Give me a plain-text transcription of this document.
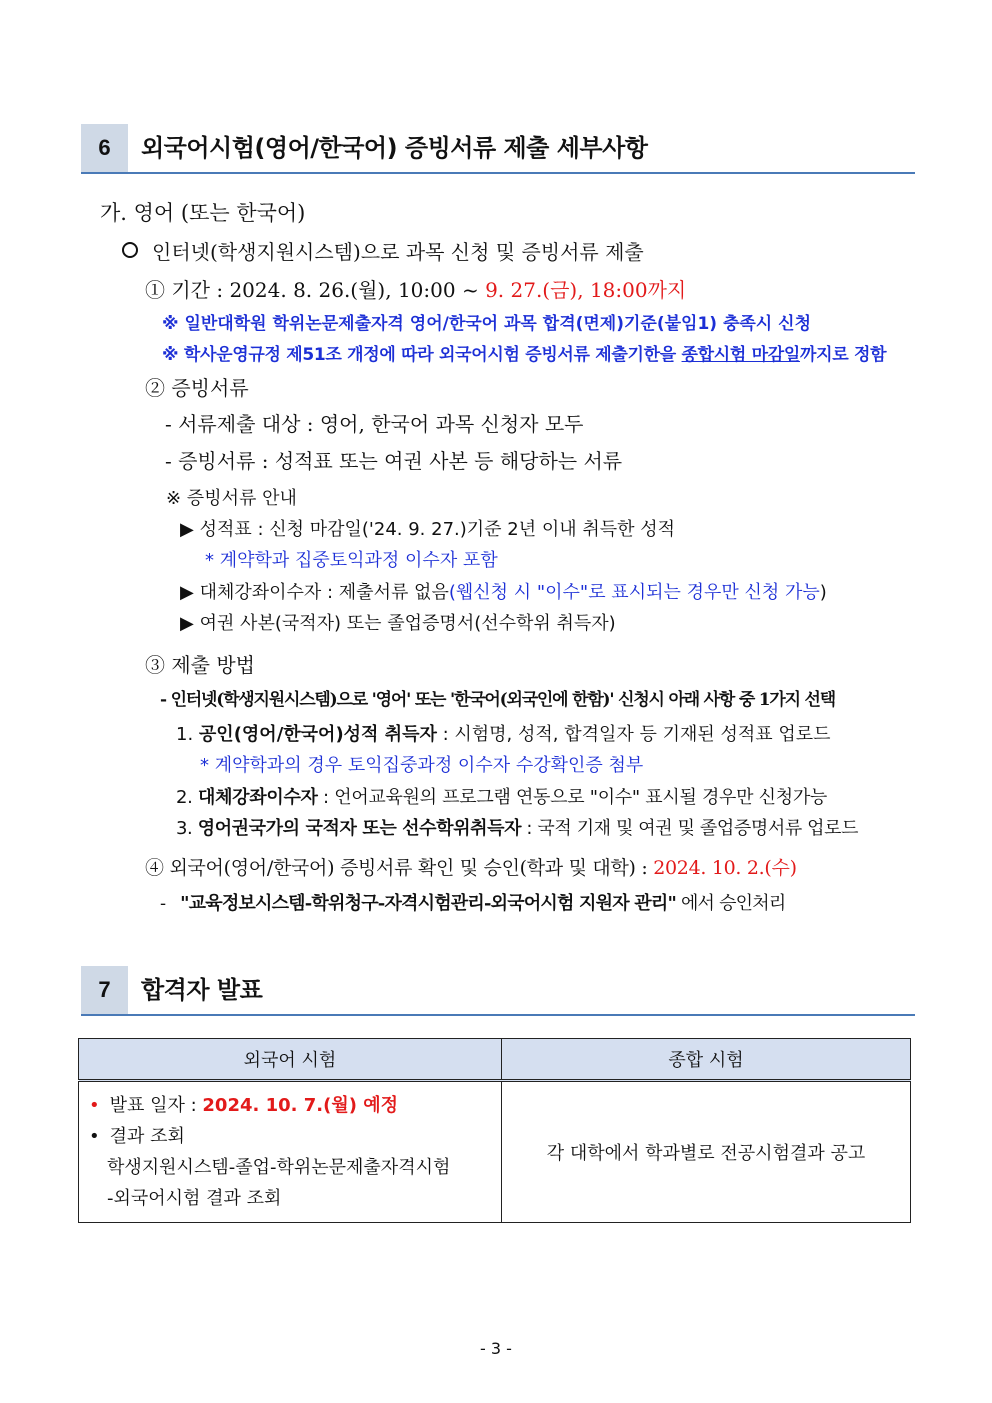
6	외국어시험(영어/한국어) 증빙서류 제출 세부사항
가. 영어 (또는 한국어)
인터넷(학생지원시스템)으로 과목 신청 및 증빙서류 제출
① 기간 : 2024. 8. 26.(월), 10:00 ~ 9. 27.(금), 18:00까지
※ 일반대학원 학위논문제출자격 영어/한국어 과목 합격(면제)기준(붙임1) 충족시 신청
※ 학사운영규정 제51조 개정에 따라 외국어시험 증빙서류 제출기한을 종합시험 마감일까지로 정함
② 증빙서류
- 서류제출 대상 : 영어, 한국어 과목 신청자 모두
- 증빙서류 : 성적표 또는 여권 사본 등 해당하는 서류
※ 증빙서류 안내
▶ 성적표 : 신청 마감일('24. 9. 27.)기준 2년 이내 취득한 성적
* 계약학과 집중토익과정 이수자 포함
▶ 대체강좌이수자 : 제출서류 없음(웹신청 시 "이수"로 표시되는 경우만 신청 가능)
▶ 여권 사본(국적자) 또는 졸업증명서(선수학위 취득자)
③ 제출 방법
- 인터넷(학생지원시스템)으로 '영어' 또는 '한국어(외국인에 한함)' 신청시 아래 사항 중 1가지 선택
1. 공인(영어/한국어)성적 취득자 : 시험명, 성적, 합격일자 등 기재된 성적표 업로드
* 계약학과의 경우 토익집중과정 이수자 수강확인증 첨부
2. 대체강좌이수자 : 언어교육원의 프로그램 연동으로 "이수" 표시될 경우만 신청가능
3. 영어권국가의 국적자 또는 선수학위취득자 : 국적 기재 및 여권 및 졸업증명서류 업로드
④ 외국어(영어/한국어) 증빙서류 확인 및 승인(학과 및 대학) : 2024. 10. 2.(수)
- "교육정보시스템-학위청구-자격시험관리-외국어시험 지원자 관리" 에서 승인처리
7	합격자 발표
외국어 시험	종합 시험

• 발표 일자 : 2024. 10. 7.(월) 예정
• 결과 조회
학생지원시스템-졸업-학위논문제출자격시험
-외국어시험 결과 조회	각 대학에서 학과별로 전공시험결과 공고
- 3 -
